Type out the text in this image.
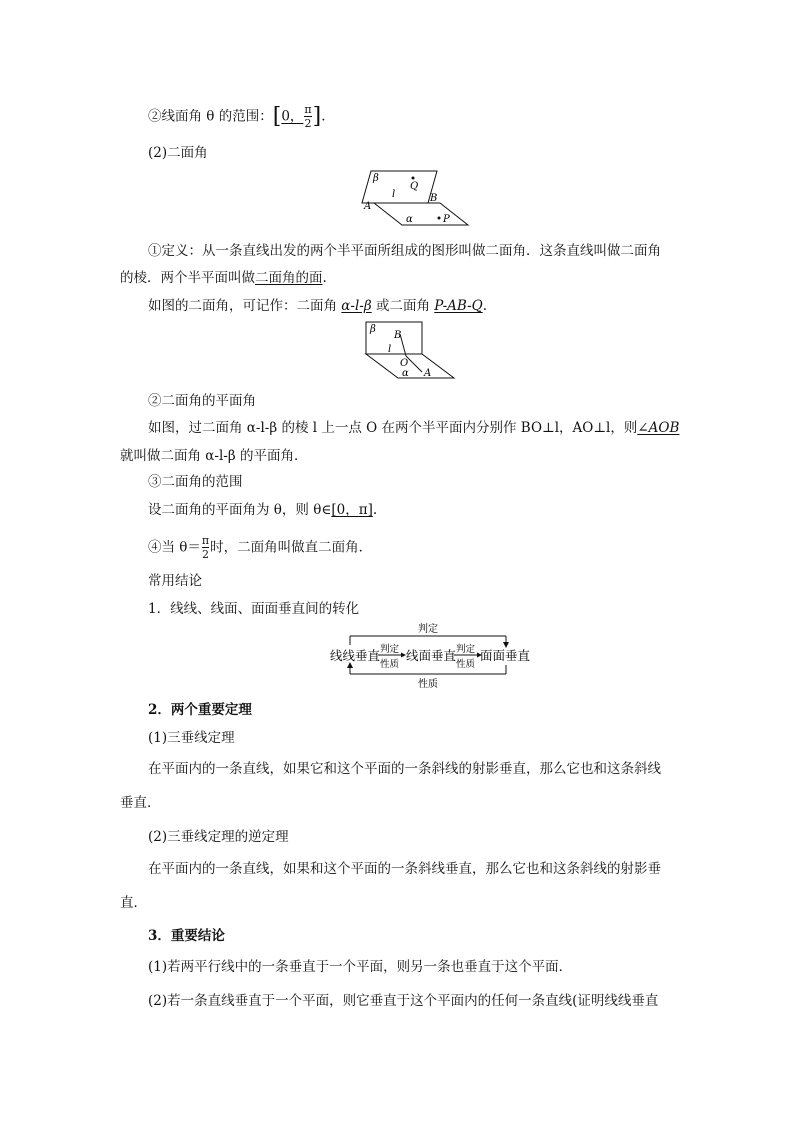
②线面角 θ 的范围：[0， $\frac{\pi}{2}$ ].
(2)二面角
β
l
Q
B
A
α	P
①定义：从一条直线出发的两个半平面所组成的图形叫做二面角．这条直线叫做二面角
的棱．两个半平面叫做二面角的面.
如图的二面角，可记作：二面角 α-l-β 或二面角 P-AB-Q.
β
B
l
O
α A
②二面角的平面角
如图，过二面角 α-l-β 的棱 l 上一点 O 在两个半平面内分别作 BO⊥l，AO⊥l，则∠AOB
就叫做二面角 α-l-β 的平面角．
③二面角的范围
设二面角的平面角为 θ，则 θ∈[0，π].
④当 $\theta= \frac{\pi}{2}$ 时，二面角叫做直二面角．
常用结论
1．线线、线面、面面垂直间的转化
判定
性质
线线垂直 判定
性质
线面垂直 判定
性质
面面垂直
2．两个重要定理
(1)三垂线定理
在平面内的一条直线，如果它和这个平面的一条斜线的射影垂直，那么它也和这条斜线
垂直．
(2)三垂线定理的逆定理
在平面内的一条直线，如果和这个平面的一条斜线垂直，那么它也和这条斜线的射影垂
直．
3．重要结论
(1)若两平行线中的一条垂直于一个平面，则另一条也垂直于这个平面．
(2)若一条直线垂直于一个平面，则它垂直于这个平面内的任何一条直线(证明线线垂直
